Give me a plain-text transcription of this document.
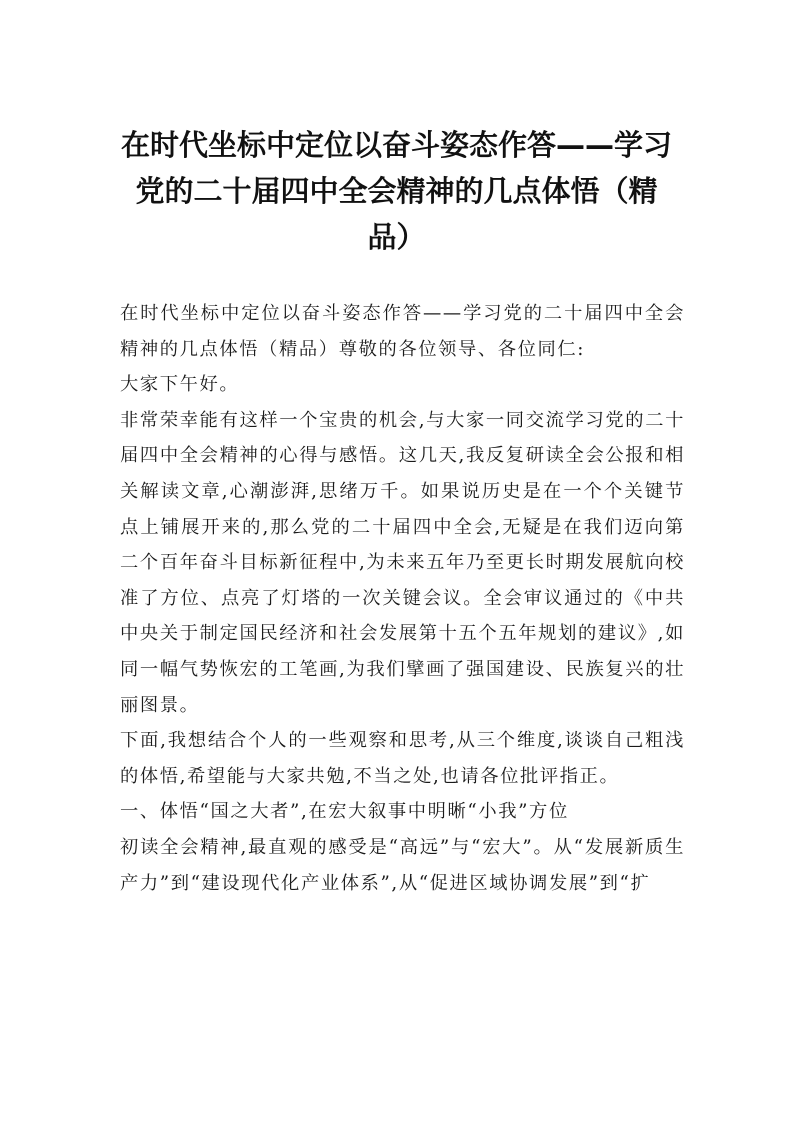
在时代坐标中定位以奋斗姿态作答——学习党的二十届四中全会精神的几点体悟（精品）

在时代坐标中定位以奋斗姿态作答——学习党的二十届四中全会精神的几点体悟（精品）尊敬的各位领导、各位同仁:

大家下午好。

非常荣幸能有这样一个宝贵的机会,与大家一同交流学习党的二十届四中全会精神的心得与感悟。这几天,我反复研读全会公报和相关解读文章,心潮澎湃,思绪万千。如果说历史是在一个个关键节点上铺展开来的,那么党的二十届四中全会,无疑是在我们迈向第二个百年奋斗目标新征程中,为未来五年乃至更长时期发展航向校准了方位、点亮了灯塔的一次关键会议。全会审议通过的《中共中央关于制定国民经济和社会发展第十五个五年规划的建议》,如同一幅气势恢宏的工笔画,为我们擘画了强国建设、民族复兴的壮丽图景。

下面,我想结合个人的一些观察和思考,从三个维度,谈谈自己粗浅的体悟,希望能与大家共勉,不当之处,也请各位批评指正。

一、体悟“国之大者”,在宏大叙事中明晰“小我”方位

初读全会精神,最直观的感受是“高远”与“宏大”。从“发展新质生产力”到“建设现代化产业体系”,从“促进区域协调发展”到“扩
